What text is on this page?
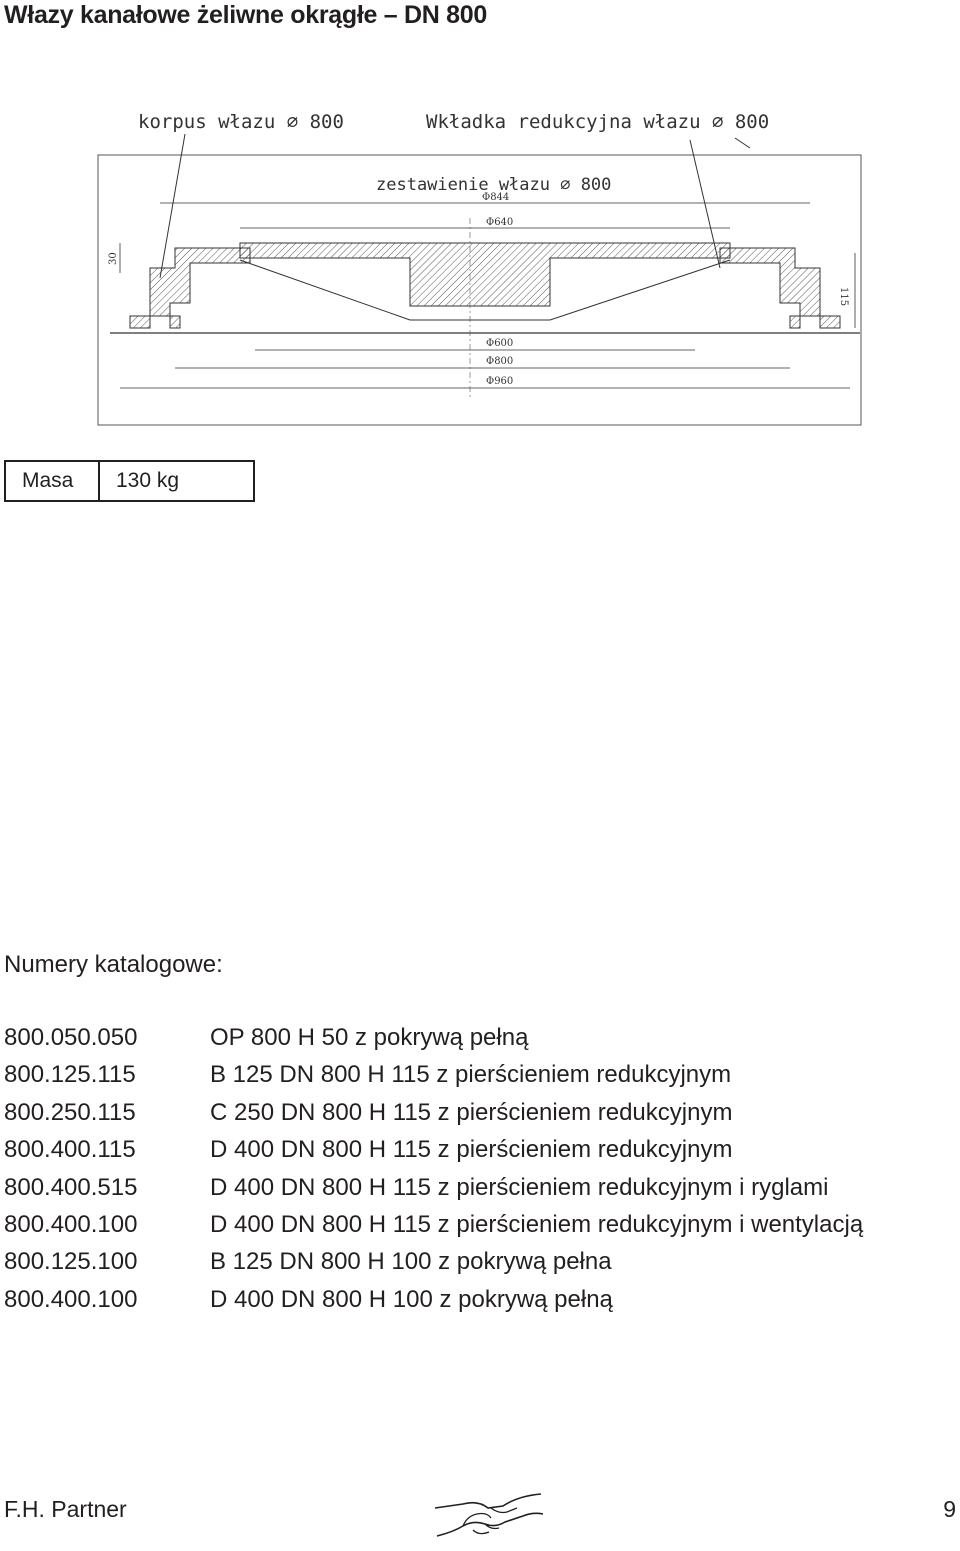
Włazy kanałowe żeliwne okrągłe – DN 800
korpus włazu ⌀ 800	Wkładka redukcyjna włazu ⌀ 800
zestawienie włazu ⌀ 800
Φ844
Φ640
30
115
Φ600
Φ800
Φ960
Masa	130 kg
Numery katalogowe:
800.050.050	OP 800 H 50 z pokrywą pełną
800.125.115	B 125 DN 800 H 115 z pierścieniem redukcyjnym
800.250.115	C 250 DN 800 H 115 z pierścieniem redukcyjnym
800.400.115	D 400 DN 800 H 115 z pierścieniem redukcyjnym
800.400.515	D 400 DN 800 H 115 z pierścieniem redukcyjnym i ryglami
800.400.100	D 400 DN 800 H 115 z pierścieniem redukcyjnym i wentylacją
800.125.100	B 125 DN 800 H 100 z pokrywą pełna
800.400.100	D 400 DN 800 H 100 z pokrywą pełną
F.H. Partner	9
